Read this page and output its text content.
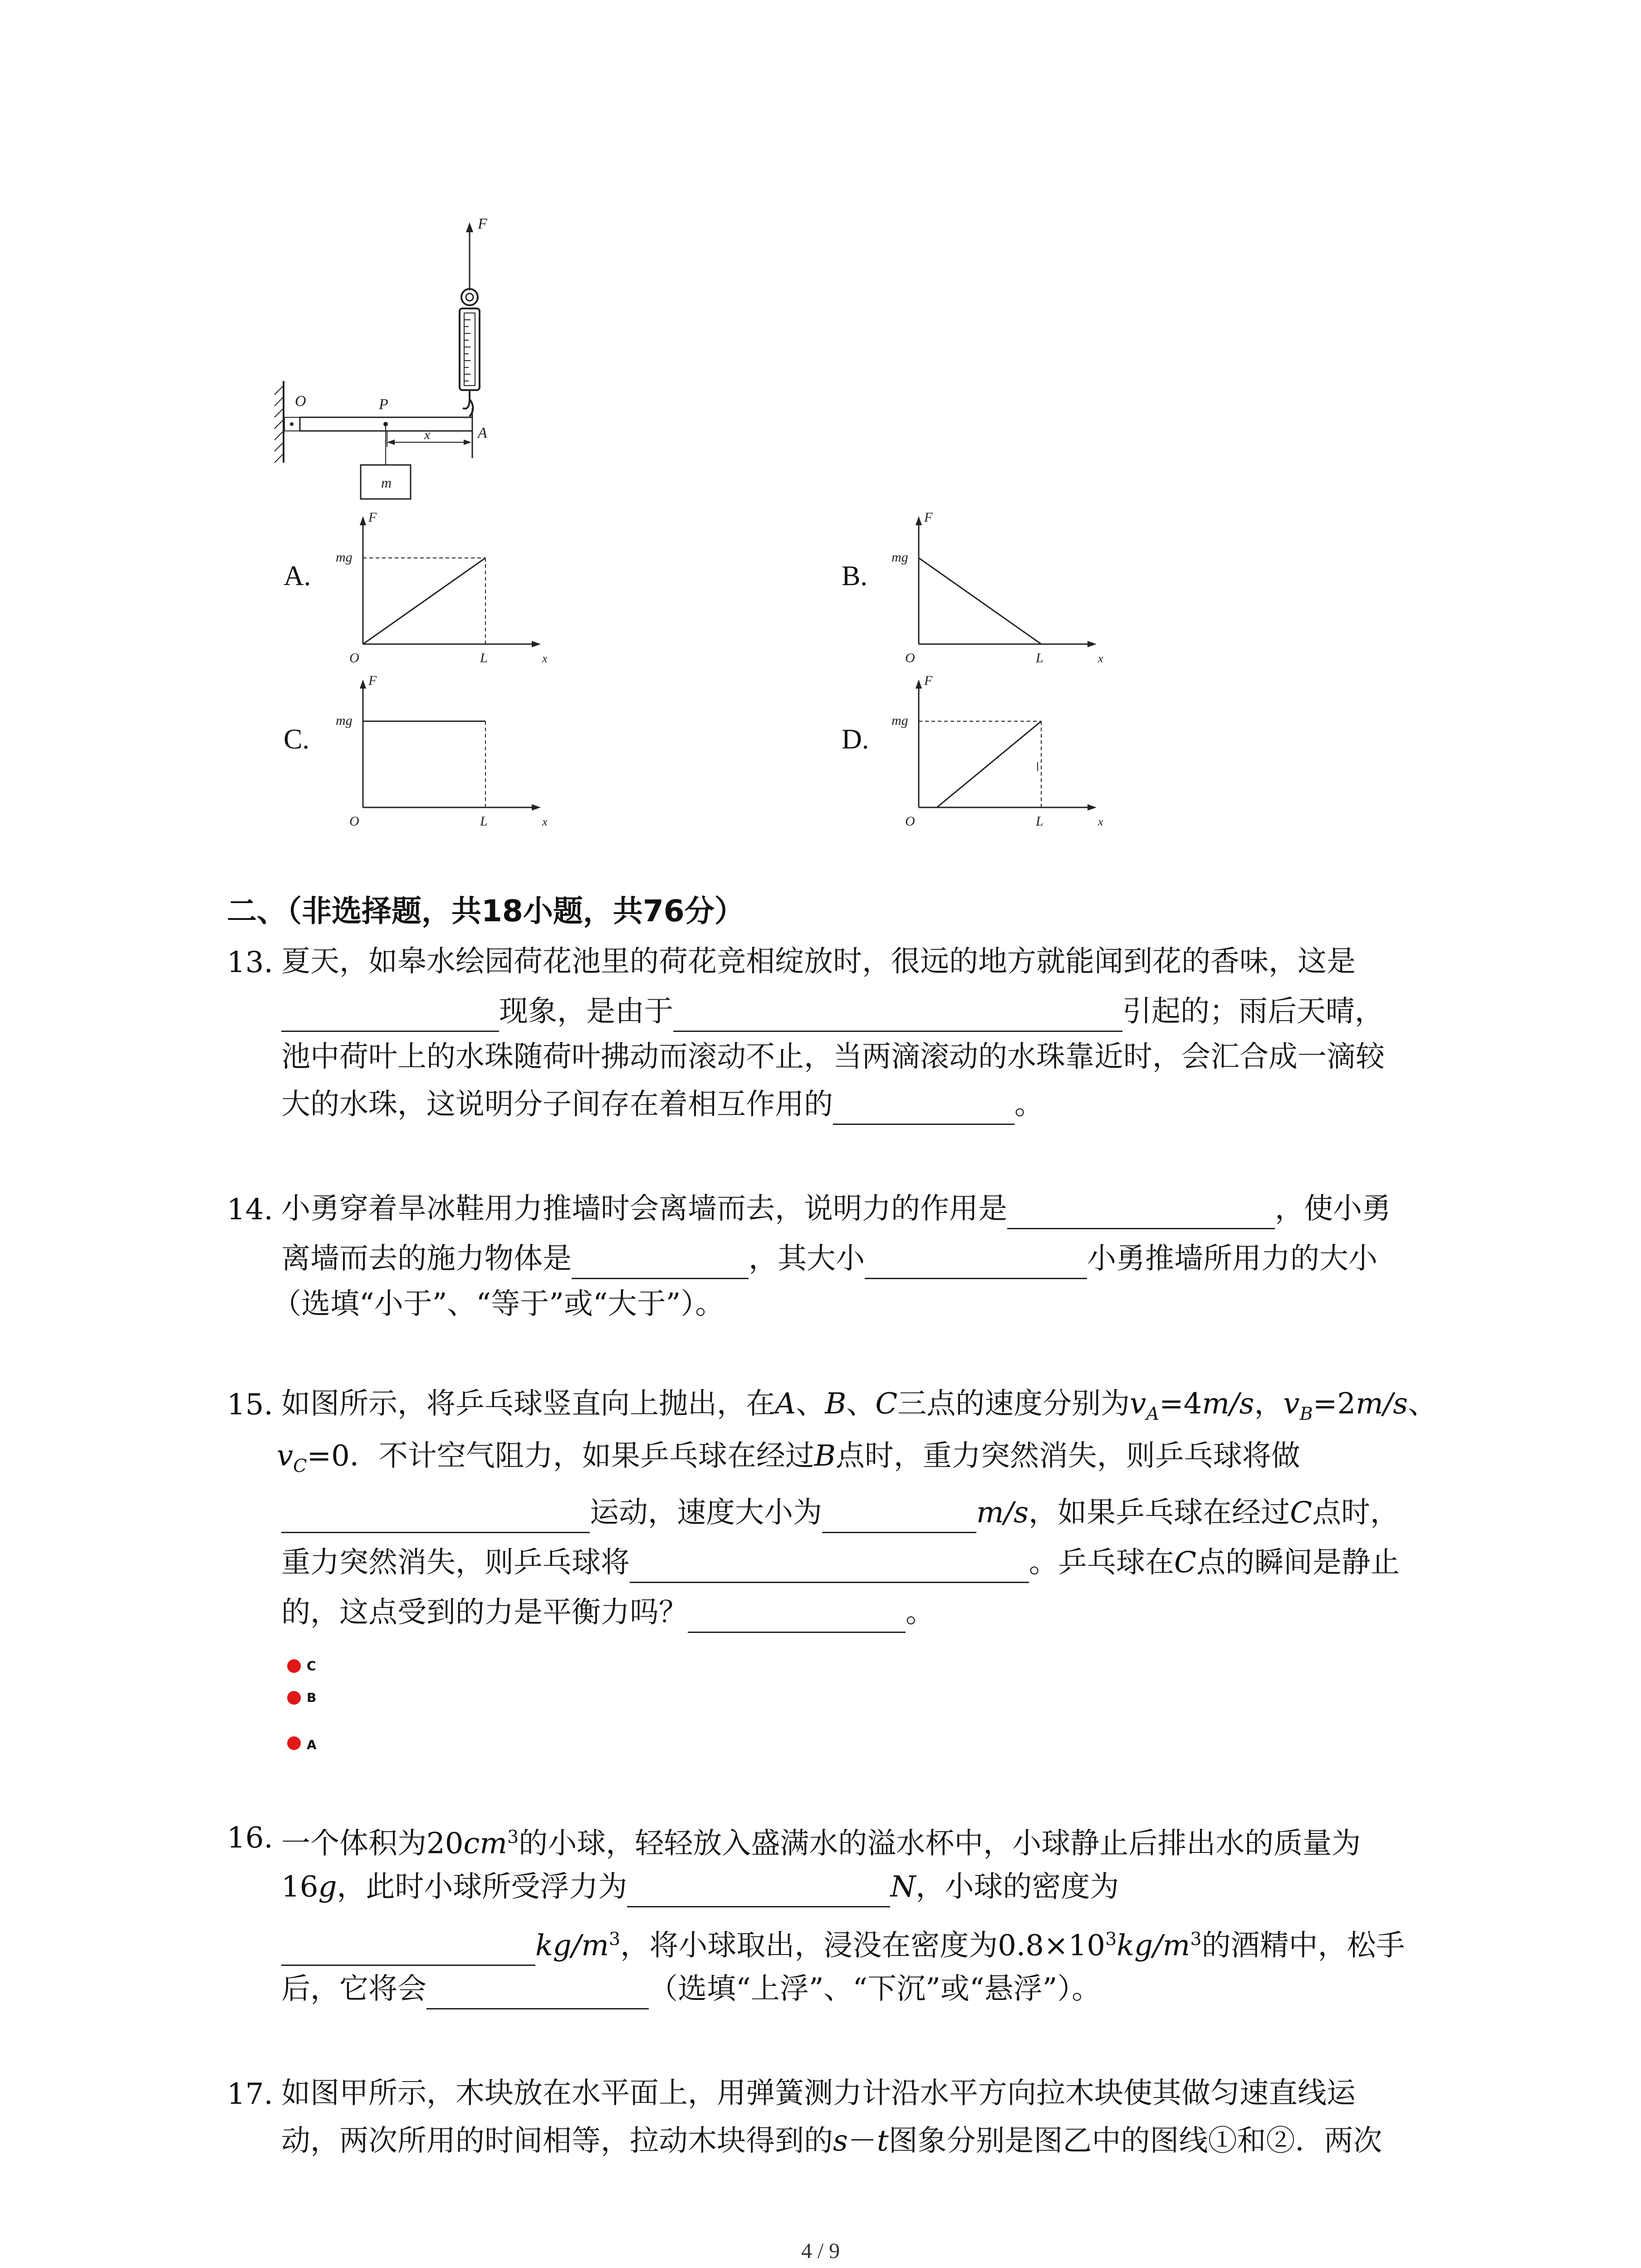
F
O	P
A
x
m
A.
F
mg
O	L	x
B.
F
mg
O	L	x
C.
F
mg
O	L	x
D.
F
mg
O	L	x
二、（非选择题，共18小题，共76分）
13. 夏天，如皋水绘园荷花池里的荷花竞相绽放时，很远的地方就能闻到花的香味，这是
现象，是由于	引起的；雨后天晴，
池中荷叶上的水珠随荷叶拂动而滚动不止，当两滴滚动的水珠靠近时，会汇合成一滴较
大的水珠，这说明分子间存在着相互作用的	。
14. 小勇穿着旱冰鞋用力推墙时会离墙而去，说明力的作用是	，使小勇
离墙而去的施力物体是	，其大小	小勇推墙所用力的大小
（选填“小于”、“等于”或“大于”）。
15. 如图所示，将乒乓球竖直向上抛出，在A、B、C三点的速度分别为$v_A=4m/s$，$v_B=2m/s$、
$v_C=0$．不计空气阻力，如果乒乓球在经过B点时，重力突然消失，则乒乓球将做
运动，速度大小为	m/s，如果乒乓球在经过C点时，
重力突然消失，则乒乓球将	。乒乓球在C点的瞬间是静止
的，这点受到的力是平衡力吗？	。
C
B
A
16. 一个体积为$20cm^3$的小球，轻轻放入盛满水的溢水杯中，小球静止后排出水的质量为
16g，此时小球所受浮力为	N，小球的密度为
$kg/m^3$，将小球取出，浸没在密度为$0.8\times 10^3kg/m^3$的酒精中，松手
后，它将会	（选填“上浮”、“下沉”或“悬浮”）。
17. 如图甲所示，木块放在水平面上，用弹簧测力计沿水平方向拉木块使其做匀速直线运
动，两次所用的时间相等，拉动木块得到的s－t图象分别是图乙中的图线①和②．两次
4 / 9
